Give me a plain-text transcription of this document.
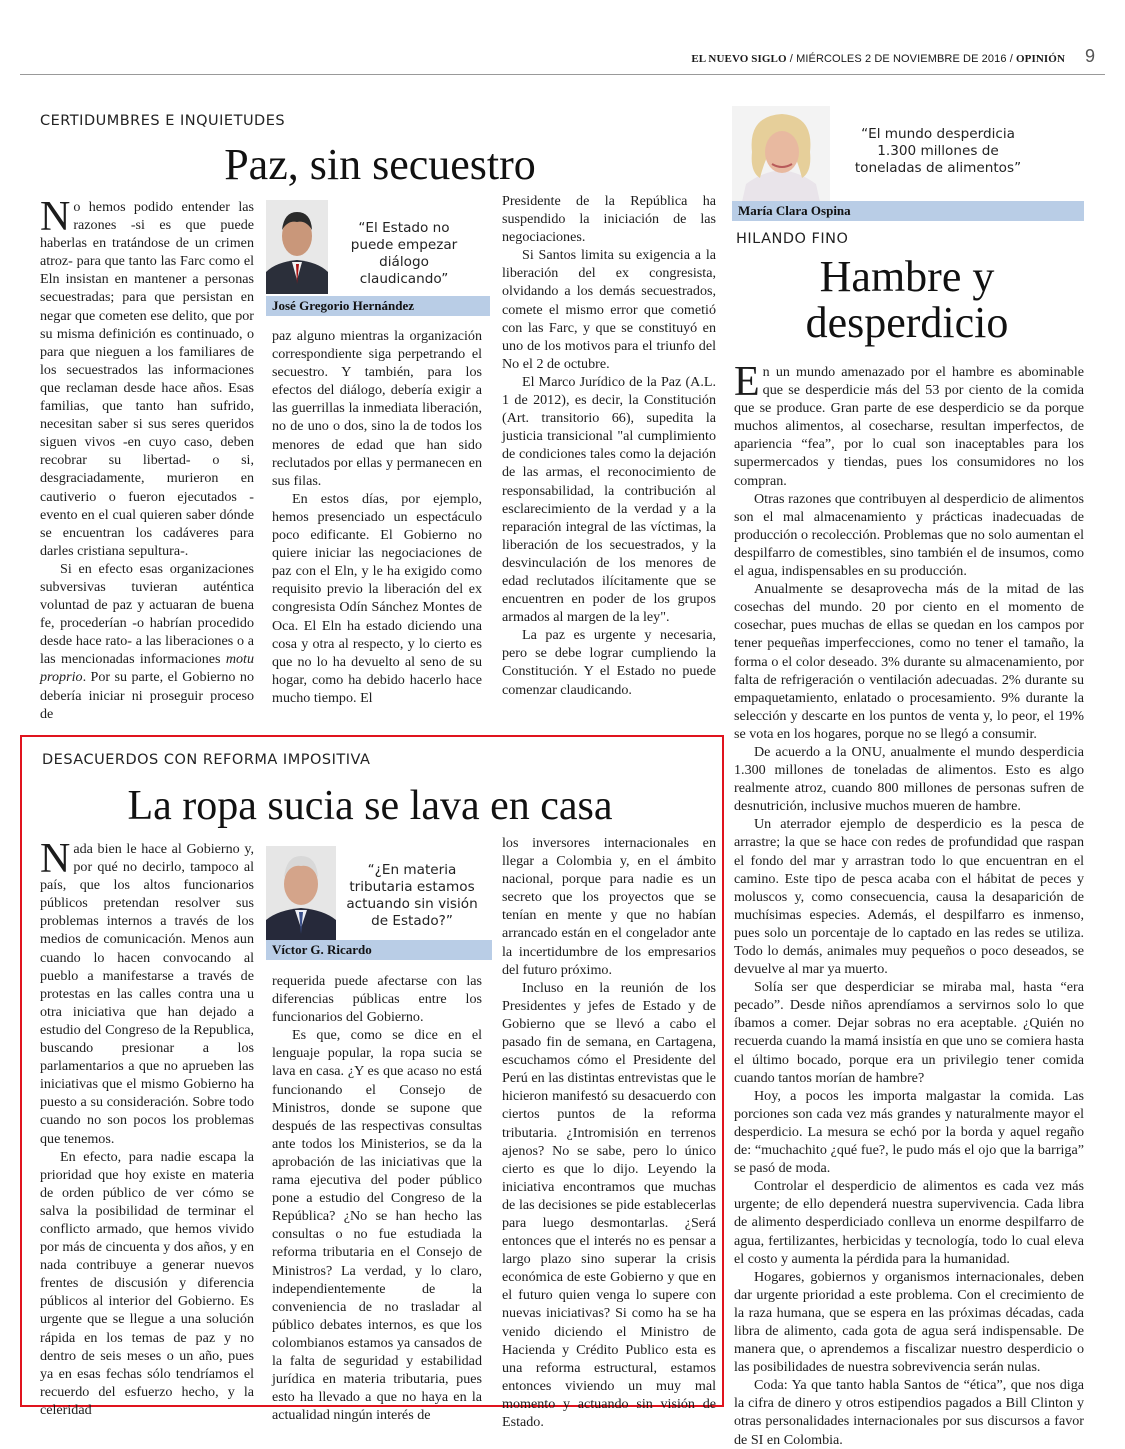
EL NUEVO SIGLO / MIÉRCOLES 2 DE NOVIEMBRE DE 2016 / OPINIÓN 9
CERTIDUMBRES E INQUIETUDES
Paz, sin secuestro

No hemos podido entender las razones -si es que puede haberlas en tratándose de un crimen atroz- para que tanto las Farc como el Eln insistan en mantener a personas secuestradas; para que persistan en negar que cometen ese delito, que por su misma definición es continuado, o para que nieguen a los familiares de los secuestrados las informaciones que reclaman desde hace años. Esas familias, que tanto han sufrido, necesitan saber si sus seres queridos siguen vivos -en cuyo caso, deben recobrar su libertad- o si, desgraciadamente, murieron en cautiverio o fueron ejecutados -evento en el cual quieren saber dónde se encuentran los cadáveres para darles cristiana sepultura-.

Si en efecto esas organizaciones subversivas tuvieran auténtica voluntad de paz y actuaran de buena fe, procederían -o habrían procedido desde hace rato- a las liberaciones o a las mencionadas informaciones motu proprio. Por su parte, el Gobierno no debería iniciar ni proseguir proceso de

“El Estado no puede empezar diálogo claudicando”
José Gregorio Hernández

paz alguno mientras la organización correspondiente siga perpetrando el secuestro. Y también, para los efectos del diálogo, debería exigir a las guerrillas la inmediata liberación, no de uno o dos, sino la de todos los menores de edad que han sido reclutados por ellas y permanecen en sus filas.

En estos días, por ejemplo, hemos presenciado un espectáculo poco edificante. El Gobierno no quiere iniciar las negociaciones de paz con el Eln, y le ha exigido como requisito previo la liberación del ex congresista Odín Sánchez Montes de Oca. El Eln ha estado diciendo una cosa y otra al respecto, y lo cierto es que no lo ha devuelto al seno de su hogar, como ha debido hacerlo hace mucho tiempo. El

Presidente de la República ha suspendido la iniciación de las negociaciones.

Si Santos limita su exigencia a la liberación del ex congresista, olvidando a los demás secuestrados, comete el mismo error que cometió con las Farc, y que se constituyó en uno de los motivos para el triunfo del No el 2 de octubre.

El Marco Jurídico de la Paz (A.L. 1 de 2012), es decir, la Constitución (Art. transitorio 66), supedita la justicia transicional "al cumplimiento de condiciones tales como la dejación de las armas, el reconocimiento de responsabilidad, la contribución al esclarecimiento de la verdad y a la reparación integral de las víctimas, la liberación de los secuestrados, y la desvinculación de los menores de edad reclutados ilícitamente que se encuentren en poder de los grupos armados al margen de la ley".

La paz es urgente y necesaria, pero se debe lograr cumpliendo la Constitución. Y el Estado no puede comenzar claudicando.

DESACUERDOS CON REFORMA IMPOSITIVA
La ropa sucia se lava en casa

Nada bien le hace al Gobierno y, por qué no decirlo, tampoco al país, que los altos funcionarios públicos pretendan resolver sus problemas internos a través de los medios de comunicación. Menos aun cuando lo hacen convocando al pueblo a manifestarse a través de protestas en las calles contra una u otra iniciativa que han dejado a estudio del Congreso de la Republica, buscando presionar a los parlamentarios a que no aprueben las iniciativas que el mismo Gobierno ha puesto a su consideración. Sobre todo cuando no son pocos los problemas que tenemos.

En efecto, para nadie escapa la prioridad que hoy existe en materia de orden público de ver cómo se salva la posibilidad de terminar el conflicto armado, que hemos vivido por más de cincuenta y dos años, y en nada contribuye a generar nuevos frentes de discusión y diferencia públicos al interior del Gobierno. Es urgente que se llegue a una solución rápida en los temas de paz y no dentro de seis meses o un año, pues ya en esas fechas sólo tendríamos el recuerdo del esfuerzo hecho, y la celeridad

“¿En materia tributaria estamos actuando sin visión de Estado?”
Víctor G. Ricardo

requerida puede afectarse con las diferencias públicas entre los funcionarios del Gobierno.

Es que, como se dice en el lenguaje popular, la ropa sucia se lava en casa. ¿Y es que acaso no está funcionando el Consejo de Ministros, donde se supone que después de las respectivas consultas ante todos los Ministerios, se da la aprobación de las iniciativas que la rama ejecutiva del poder público pone a estudio del Congreso de la República? ¿No se han hecho las consultas o no fue estudiada la reforma tributaria en el Consejo de Ministros? La verdad, y lo claro, independientemente de la conveniencia de no trasladar al público debates internos, es que los colombianos estamos ya cansados de la falta de seguridad y estabilidad jurídica en materia tributaria, pues esto ha llevado a que no haya en la actualidad ningún interés de

los inversores internacionales en llegar a Colombia y, en el ámbito nacional, porque para nadie es un secreto que los proyectos que se tenían en mente y que no habían arrancado están en el congelador ante la incertidumbre de los empresarios del futuro próximo.

Incluso en la reunión de los Presidentes y jefes de Estado y de Gobierno que se llevó a cabo el pasado fin de semana, en Cartagena, escuchamos cómo el Presidente del Perú en las distintas entrevistas que le hicieron manifestó su desacuerdo con ciertos puntos de la reforma tributaria. ¿Intromisión en terrenos ajenos? No se sabe, pero lo único cierto es que lo dijo. Leyendo la iniciativa encontramos que muchas de las decisiones se pide establecerlas para luego desmontarlas. ¿Será entonces que el interés no es pensar a largo plazo sino superar la crisis económica de este Gobierno y que en el futuro quien venga lo supere con nuevas iniciativas? Si como ha se ha venido diciendo el Ministro de Hacienda y Crédito Publico esta es una reforma estructural, estamos entonces viviendo un muy mal momento y actuando sin visión de Estado.

“El mundo desperdicia 1.300 millones de toneladas de alimentos”
María Clara Ospina
HILANDO FINO
Hambre y
desperdicio

En un mundo amenazado por el hambre es abominable que se desperdicie más del 53 por ciento de la comida que se produce. Gran parte de ese desperdicio se da porque muchos alimentos, al cosecharse, resultan imperfectos, de apariencia “fea”, por lo cual son inaceptables para los supermercados y tiendas, pues los consumidores no los compran.

Otras razones que contribuyen al desperdicio de alimentos son el mal almacenamiento y prácticas inadecuadas de producción o recolección. Problemas que no solo aumentan el despilfarro de comestibles, sino también el de insumos, como el agua, indispensables en su producción.

Anualmente se desaprovecha más de la mitad de las cosechas del mundo. 20 por ciento en el momento de cosechar, pues muchas de ellas se quedan en los campos por tener pequeñas imperfecciones, como no tener el tamaño, la forma o el color deseado. 3% durante su almacenamiento, por falta de refrigeración o ventilación adecuadas. 2% durante su empaquetamiento, enlatado o procesamiento. 9% durante la selección y descarte en los puntos de venta y, lo peor, el 19% se vota en los hogares, porque no se llegó a consumir.

De acuerdo a la ONU, anualmente el mundo desperdicia 1.300 millones de toneladas de alimentos. Esto es algo realmente atroz, cuando 800 millones de personas sufren de desnutrición, inclusive muchos mueren de hambre.

Un aterrador ejemplo de desperdicio es la pesca de arrastre; la que se hace con redes de profundidad que raspan el fondo del mar y arrastran todo lo que encuentran en el camino. Este tipo de pesca acaba con el hábitat de peces y moluscos y, como consecuencia, causa la desaparición de muchísimas especies. Además, el despilfarro es inmenso, pues solo un porcentaje de lo captado en las redes se utiliza. Todo lo demás, animales muy pequeños o poco deseados, se devuelve al mar ya muerto.

Solía ser que desperdiciar se miraba mal, hasta “era pecado”. Desde niños aprendíamos a servirnos solo lo que íbamos a comer. Dejar sobras no era aceptable. ¿Quién no recuerda cuando la mamá insistía en que uno se comiera hasta el último bocado, porque era un privilegio tener comida cuando tantos morían de hambre?

Hoy, a pocos les importa malgastar la comida. Las porciones son cada vez más grandes y naturalmente mayor el desperdicio. La mesura se echó por la borda y aquel regaño de: “muchachito ¿qué fue?, le pudo más el ojo que la barriga” se pasó de moda.

Controlar el desperdicio de alimentos es cada vez más urgente; de ello dependerá nuestra supervivencia. Cada libra de alimento desperdiciado conlleva un enorme despilfarro de agua, fertilizantes, herbicidas y tecnología, todo lo cual eleva el costo y aumenta la pérdida para la humanidad.

Hogares, gobiernos y organismos internacionales, deben dar urgente prioridad a este problema. Con el crecimiento de la raza humana, que se espera en las próximas décadas, cada libra de alimento, cada gota de agua será indispensable. De manera que, o aprendemos a fiscalizar nuestro desperdicio o las posibilidades de nuestra sobrevivencia serán nulas.

Coda: Ya que tanto habla Santos de “ética”, que nos diga la cifra de dinero y otros estipendios pagados a Bill Clinton y otras personalidades internacionales por sus discursos a favor de SI en Colombia.
